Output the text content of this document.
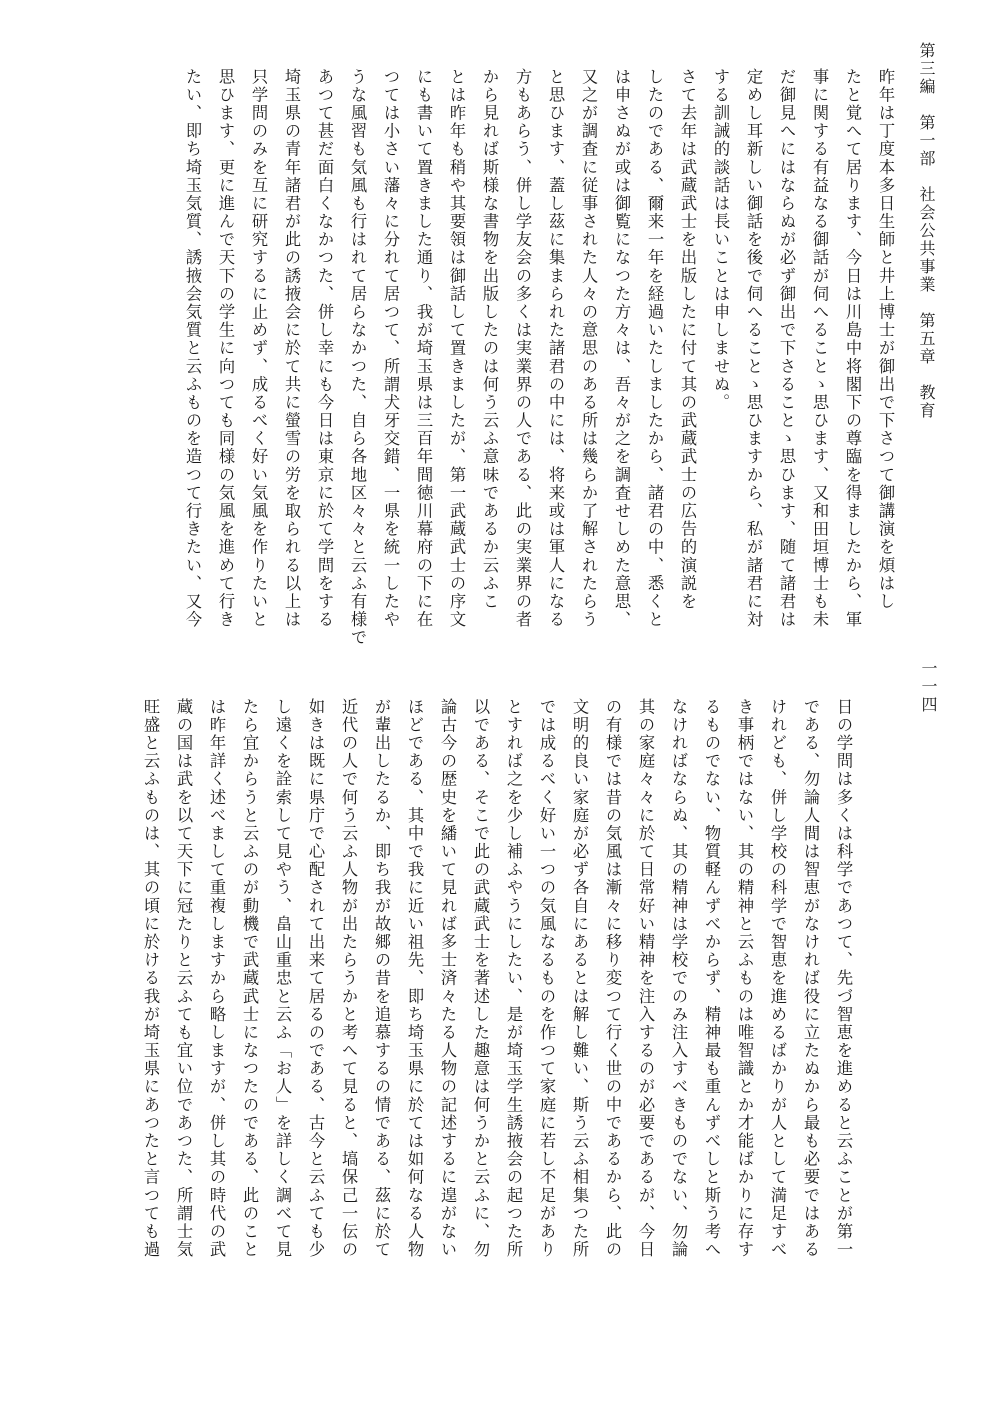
第三編　第一部　社会公共事業　第五章　教育
一一四
昨年は丁度本多日生師と井上博士が御出で下さつて御講演を煩はし
たと覚へて居ります、今日は川島中将閣下の尊臨を得ましたから、軍
事に関する有益なる御話が伺へることゝ思ひます、又和田垣博士も未
だ御見へにはならぬが必ず御出で下さることゝ思ひます、随て諸君は
定めし耳新しい御話を後で伺へることゝ思ひますから、私が諸君に対
する訓誡的談話は長いことは申しませぬ。
さて去年は武蔵武士を出版したに付て其の武蔵武士の広告的演説を
したのである、爾来一年を経過いたしましたから、諸君の中、悉くと
は申さぬが或は御覧になつた方々は、吾々が之を調査せしめた意思、
又之が調査に従事された人々の意思のある所は幾らか了解されたらう
と思ひます、蓋し茲に集まられた諸君の中には、将来或は軍人になる
方もあらう、併し学友会の多くは実業界の人である、此の実業界の者
から見れば斯様な書物を出版したのは何う云ふ意味であるか云ふこ
とは昨年も稍や其要領は御話して置きましたが、第一武蔵武士の序文
にも書いて置きました通り、我が埼玉県は三百年間徳川幕府の下に在
つては小さい藩々に分れて居つて、所謂犬牙交錯、一県を統一したや
うな風習も気風も行はれて居らなかつた、自ら各地区々々と云ふ有様で
あつて甚だ面白くなかつた、併し幸にも今日は東京に於て学問をする
埼玉県の青年諸君が此の誘掖会に於て共に螢雪の労を取られる以上は
只学問のみを互に研究するに止めず、成るべく好い気風を作りたいと
思ひます、更に進んで天下の学生に向つても同様の気風を進めて行き
たい、即ち埼玉気質、誘掖会気質と云ふものを造つて行きたい、又今
日の学問は多くは科学であつて、先づ智恵を進めると云ふことが第一
である、勿論人間は智恵がなければ役に立たぬから最も必要ではある
けれども、併し学校の科学で智恵を進めるばかりが人として満足すべ
き事柄ではない、其の精神と云ふものは唯智識とか才能ばかりに存す
るものでない、物質軽んずべからず、精神最も重んずべしと斯う考へ
なければならぬ、其の精神は学校でのみ注入すべきものでない、勿論
其の家庭々々に於て日常好い精神を注入するのが必要であるが、今日
の有様では昔の気風は漸々に移り変つて行く世の中であるから、此の
文明的良い家庭が必ず各自にあるとは解し難い、斯う云ふ相集つた所
では成るべく好い一つの気風なるものを作つて家庭に若し不足があり
とすれば之を少し補ふやうにしたい、是が埼玉学生誘掖会の起つた所
以である、そこで此の武蔵武士を著述した趣意は何うかと云ふに、勿
論古今の歴史を繙いて見れば多士済々たる人物の記述するに遑がない
ほどである、其中で我に近い祖先、即ち埼玉県に於ては如何なる人物
が輩出したるか、即ち我が故郷の昔を追慕するの情である、茲に於て
近代の人で何う云ふ人物が出たらうかと考へて見ると、塙保己一伝の
如きは既に県庁で心配されて出来て居るのである、古今と云ふても少
し遠くを詮索して見やう、畠山重忠と云ふ「お人」を詳しく調べて見
たら宜からうと云ふのが動機で武蔵武士になつたのである、此のこと
は昨年詳く述べまして重複しますから略しますが、併し其の時代の武
蔵の国は武を以て天下に冠たりと云ふても宜い位であつた、所謂士気
旺盛と云ふものは、其の頃に於ける我が埼玉県にあつたと言つても過
